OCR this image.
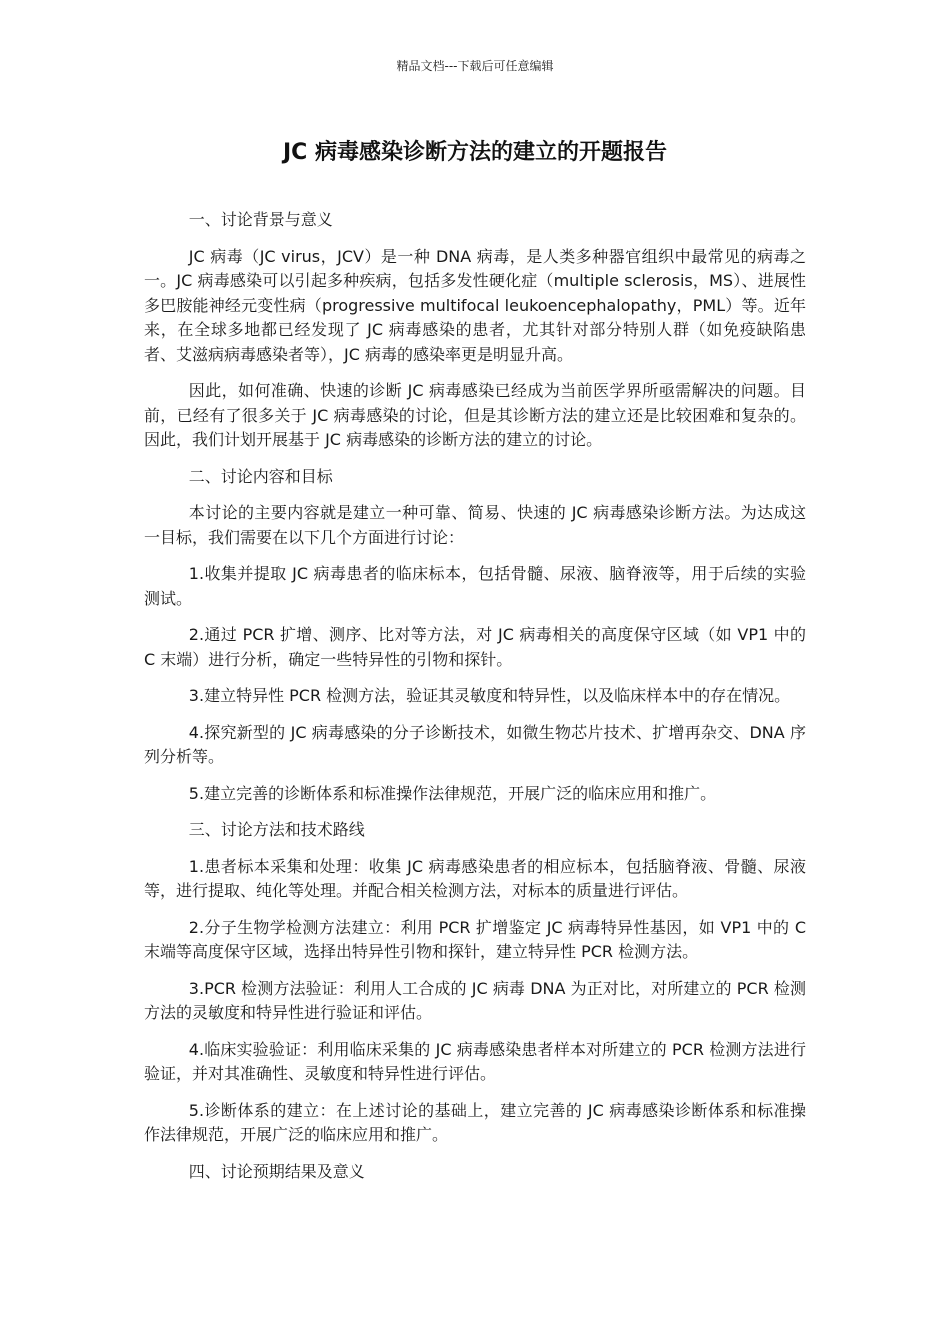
精品文档---下载后可任意编辑
JC 病毒感染诊断方法的建立的开题报告

一、讨论背景与意义

JC 病毒（JC virus，JCV）是一种 DNA 病毒，是人类多种器官组织中最常见的病毒之一。JC 病毒感染可以引起多种疾病，包括多发性硬化症（multiple sclerosis，MS）、进展性多巴胺能神经元变性病（progressive multifocal leukoencephalopathy，PML）等。近年来，在全球多地都已经发现了 JC 病毒感染的患者，尤其针对部分特别人群（如免疫缺陷患者、艾滋病病毒感染者等），JC 病毒的感染率更是明显升高。

因此，如何准确、快速的诊断 JC 病毒感染已经成为当前医学界所亟需解决的问题。目前，已经有了很多关于 JC 病毒感染的讨论，但是其诊断方法的建立还是比较困难和复杂的。因此，我们计划开展基于 JC 病毒感染的诊断方法的建立的讨论。

二、讨论内容和目标

本讨论的主要内容就是建立一种可靠、简易、快速的 JC 病毒感染诊断方法。为达成这一目标，我们需要在以下几个方面进行讨论：

1.收集并提取 JC 病毒患者的临床标本，包括骨髓、尿液、脑脊液等，用于后续的实验测试。

2.通过 PCR 扩增、测序、比对等方法，对 JC 病毒相关的高度保守区域（如 VP1 中的 C 末端）进行分析，确定一些特异性的引物和探针。

3.建立特异性 PCR 检测方法，验证其灵敏度和特异性，以及临床样本中的存在情况。

4.探究新型的 JC 病毒感染的分子诊断技术，如微生物芯片技术、扩增再杂交、DNA 序列分析等。

5.建立完善的诊断体系和标准操作法律规范，开展广泛的临床应用和推广。

三、讨论方法和技术路线

1.患者标本采集和处理：收集 JC 病毒感染患者的相应标本，包括脑脊液、骨髓、尿液等，进行提取、纯化等处理。并配合相关检测方法，对标本的质量进行评估。

2.分子生物学检测方法建立：利用 PCR 扩增鉴定 JC 病毒特异性基因，如 VP1 中的 C 末端等高度保守区域，选择出特异性引物和探针，建立特异性 PCR 检测方法。

3.PCR 检测方法验证：利用人工合成的 JC 病毒 DNA 为正对比，对所建立的 PCR 检测方法的灵敏度和特异性进行验证和评估。

4.临床实验验证：利用临床采集的 JC 病毒感染患者样本对所建立的 PCR 检测方法进行验证，并对其准确性、灵敏度和特异性进行评估。

5.诊断体系的建立：在上述讨论的基础上，建立完善的 JC 病毒感染诊断体系和标准操作法律规范，开展广泛的临床应用和推广。

四、讨论预期结果及意义
